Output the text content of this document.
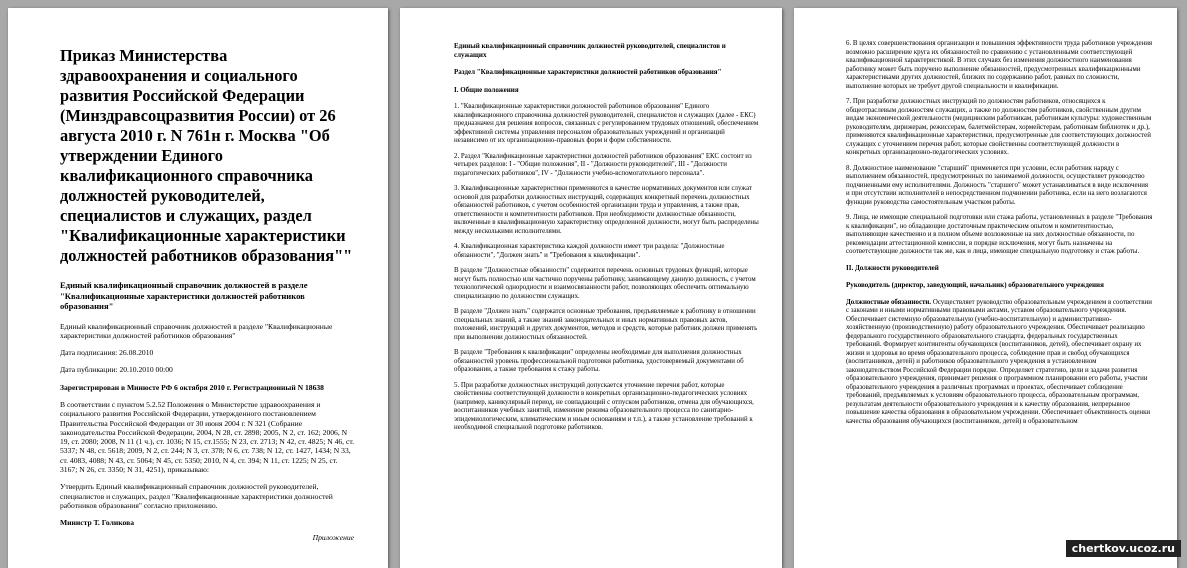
Приказ Министерства здравоохранения и социального развития Российской Федерации (Минздравсоцразвития России) от 26 августа 2010 г. N 761н г. Москва "Об утверждении Единого квалификационного справочника должностей руководителей, специалистов и служащих, раздел "Квалификационные характеристики должностей работников образования""

Единый квалификационный справочник должностей в разделе "Квалификационные характеристики должностей работников образования"

Единый квалификационный справочник должностей в разделе "Квалификационные характеристики должностей работников образования"

Дата подписания: 26.08.2010

Дата публикации: 20.10.2010 00:00

Зарегистрирован в Минюсте РФ 6 октября 2010 г. Регистрационный N 18638

В соответствии с пунктом 5.2.52 Положения о Министерстве здравоохранения и социального развития Российской Федерации, утвержденного постановлением Правительства Российской Федерации от 30 июня 2004 г. N 321 (Собрание законодательства Российской Федерации, 2004, N 28, ст. 2898; 2005, N 2, ст. 162; 2006, N 19, ст. 2080; 2008, N 11 (1 ч.), ст. 1036; N 15, ст.1555; N 23, ст. 2713; N 42, ст. 4825; N 46, ст. 5337; N 48, ст. 5618; 2009, N 2, ст. 244; N 3, ст. 378; N 6, ст. 738; N 12, ст. 1427, 1434; N 33, ст. 4083, 4088; N 43, ст. 5064; N 45, ст. 5350; 2010, N 4, ст. 394; N 11, ст. 1225; N 25, ст. 3167; N 26, ст. 3350; N 31, 4251), приказываю:

Утвердить Единый квалификационный справочник должностей руководителей, специалистов и служащих, раздел "Квалификационные характеристики должностей работников образования" согласно приложению.

Министр Т. Голикова

Приложение

Единый квалификационный справочник должностей руководителей, специалистов и служащих

Раздел "Квалификационные характеристики должностей работников образования"

I. Общие положения

1. "Квалификационные характеристики должностей работников образования" Единого квалификационного справочника должностей руководителей, специалистов и служащих (далее - ЕКС) предназначен для решения вопросов, связанных с регулированием трудовых отношений, обеспечением эффективной системы управления персоналом образовательных учреждений и организаций независимо от их организационно-правовых форм и форм собственности.

2. Раздел "Квалификационные характеристики должностей работников образования" ЕКС состоит из четырех разделов: I - "Общие положения", II - "Должности руководителей", III - "Должности педагогических работников", IV - "Должности учебно-вспомогательного персонала".

3. Квалификационные характеристики применяются в качестве нормативных документов или служат основой для разработки должностных инструкций, содержащих конкретный перечень должностных обязанностей работников, с учетом особенностей организации труда и управления, а также прав, ответственности и компетентности работников. При необходимости должностные обязанности, включенные в квалификационную характеристику определенной должности, могут быть распределены между несколькими исполнителями.

4. Квалификационная характеристика каждой должности имеет три раздела: "Должностные обязанности", "Должен знать" и "Требования к квалификации".

В разделе "Должностные обязанности" содержится перечень основных трудовых функций, которые могут быть полностью или частично поручены работнику, занимающему данную должность, с учетом технологической однородности и взаимосвязанности работ, позволяющих обеспечить оптимальную специализацию по должностям служащих.

В разделе "Должен знать" содержатся основные требования, предъявляемые к работнику в отношении специальных знаний, а также знаний законодательных и иных нормативных правовых актов, положений, инструкций и других документов, методов и средств, которые работник должен применять при выполнении должностных обязанностей.

В разделе "Требования к квалификации" определены необходимые для выполнения должностных обязанностей уровень профессиональной подготовки работника, удостоверяемый документами об образовании, а также требования к стажу работы.

5. При разработке должностных инструкций допускается уточнение перечня работ, которые свойственны соответствующей должности в конкретных организационно-педагогических условиях (например, каникулярный период, не совпадающий с отпуском работников, отмена для обучающихся, воспитанников учебных занятий, изменение режима образовательного процесса по санитарно-эпидемиологическим, климатическим и иным основаниям и т.п.), а также установление требований к необходимой специальной подготовке работников.

6. В целях совершенствования организации и повышения эффективности труда работников учреждения возможно расширение круга их обязанностей по сравнению с установленными соответствующей квалификационной характеристикой. В этих случаях без изменения должностного наименования работнику может быть поручено выполнение обязанностей, предусмотренных квалификационными характеристиками других должностей, близких по содержанию работ, равных по сложности, выполнение которых не требует другой специальности и квалификации.

7. При разработке должностных инструкций по должностям работников, относящихся к общеотраслевым должностям служащих, а также по должностям работников, свойственным другим видам экономической деятельности (медицинским работникам, работникам культуры: художественным руководителям, дирижерам, режиссерам, балетмейстерам, хормейстерам, работникам библиотек и др.), применяются квалификационные характеристики, предусмотренные для соответствующих должностей служащих с уточнением перечня работ, которые свойственны соответствующей должности в конкретных организационно-педагогических условиях.

8. Должностное наименование "старший" применяется при условии, если работник наряду с выполнением обязанностей, предусмотренных по занимаемой должности, осуществляет руководство подчиненными ему исполнителями. Должность "старшего" может устанавливаться в виде исключения и при отсутствии исполнителей в непосредственном подчинении работника, если на него возлагаются функции руководства самостоятельным участком работы.

9. Лица, не имеющие специальной подготовки или стажа работы, установленных в разделе "Требования к квалификации", но обладающие достаточным практическим опытом и компетентностью, выполняющие качественно и в полном объеме возложенные на них должностные обязанности, по рекомендации аттестационной комиссии, в порядке исключения, могут быть назначены на соответствующие должности так же, как и лица, имеющие специальную подготовку и стаж работы.

II. Должности руководителей

Руководитель (директор, заведующий, начальник) образовательного учреждения

Должностные обязанности. Осуществляет руководство образовательным учреждением в соответствии с законами и иными нормативными правовыми актами, уставом образовательного учреждения. Обеспечивает системную образовательную (учебно-воспитательную) и административно-хозяйственную (производственную) работу образовательного учреждения. Обеспечивает реализацию федерального государственного образовательного стандарта, федеральных государственных требований. Формирует контингенты обучающихся (воспитанников, детей), обеспечивает охрану их жизни и здоровья во время образовательного процесса, соблюдение прав и свобод обучающихся (воспитанников, детей) и работников образовательного учреждения в установленном законодательством Российской Федерации порядке. Определяет стратегию, цели и задачи развития образовательного учреждения, принимает решения о программном планировании его работы, участии образовательного учреждения в различных программах и проектах, обеспечивает соблюдение требований, предъявляемых к условиям образовательного процесса, образовательным программам, результатам деятельности образовательного учреждения и к качеству образования, непрерывное повышение качества образования в образовательном учреждении. Обеспечивает объективность оценки качества образования обучающихся (воспитанников, детей) в образовательном

chertkov.ucoz.ru
